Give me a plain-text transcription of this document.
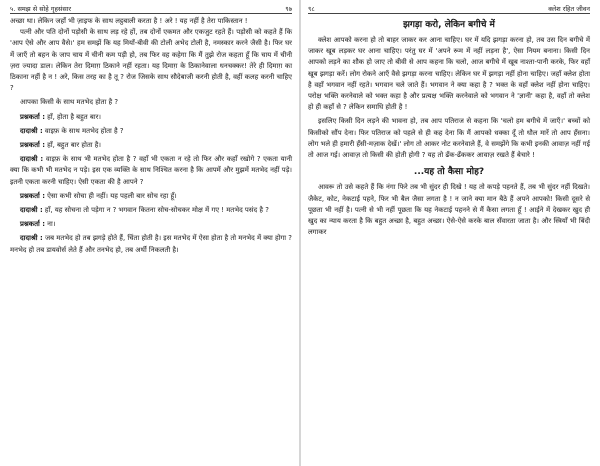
५. समझ से सोहे गृहसंसार	९७

अच्छा था। लेकिन जहाँ भी ज़ाइफ के साथ लट्ठबाली करता है ! अरे ! यह नहीं है तेरा पाकिस्तान !

पत्नी और पति दोनों पड़ोसी के साथ लड़ रहे हों, तब दोनों एकमत और एकजुट रहते हैं। पड़ोसी को कहते हैं कि 'आप ऐसे और आप वैसे।' हम समझें कि यह मियाँ-बीवी की टोली अभेद टोली है, नमस्कार करने जैसी है। फिर घर में जाएँ तो बहन के जाप चाय में चीनी कम पड़ी हो, तब फिर वह कहेगा कि मैं तुझे रोज कहता हूँ कि चाय में चीनी ज़रा ज्यादा डाल। लेकिन तेरा दिमाग़ ठिकाने नहीं रहता। यह दिमाग़ के ठिकानेवाला धनचक्कर! तेरे ही दिमाग़ का ठिकाना नहीं है न ! अरे, किस तरह का है तू ? रोज जिसके साथ सौदेबाजी करनी होती है, वहीं कलह करनी चाहिए ?

आपका किसी के साथ मतभेद होता है ?

प्रश्नकर्ता : हाँ, होता है बहुत बार।

दादाश्री : वाइफ़ के साथ मतभेद होता है ?

प्रश्नकर्ता : हाँ, बहुत बार होता है।

दादाश्री : वाइफ़ के साथ भी मतभेद होता है ? वहाँ भी एकता न रहे तो फिर और कहाँ रखोगे ? एकता यानी क्या कि कभी भी मतभेद न पड़े। इस एक व्यक्ति के साथ निश्चित करना है कि आपमें और मुझमें मतभेद नहीं पड़े। इतनी एकता करनी चाहिए। ऐसी एकता की है आपने ?

प्रश्नकर्ता : ऐसा कभी सोचा ही नहीं। यह पहली बार सोच रहा हूँ।

दादाश्री : हाँ, यह सोचना तो पड़ेगा न ? भगवान कितना सोच-सोचकर मोक्ष में गए ! मतभेद पसंद है ?

प्रश्नकर्ता : ना।

दादाश्री : जब मतभेद हो तब झगड़े होते हैं, चिंता होती है। इस मतभेद में ऐसा होता है तो मनभेद में क्या होगा ? मनभेद हो तब डायवोर्स लेते हैं और तनभेद हो, तब अर्थी निकलती है।

९८	क्लेश रहित जीवन
झगड़ा करो, लेकिन बगीचे में

क्लेश आपको करना हो तो बाहर जाकर कर आना चाहिए। घर में यदि झगड़ा करना हो, तब उस दिन बगीचे में जाकर खूब लड़कर घर आना चाहिए। परंतु घर में 'अपने रूम में नहीं लड़ना है', ऐसा नियम बनाना। किसी दिन आपको लड़ने का शौक हो जाए तो बीवी से आप कहना कि चलो, आज बगीचे में खूब नाश्ता-पानी करके, फिर वहाँ खूब झगड़ा करें। लोग रोकने आएँ वैसे झगड़ा करना चाहिए। लेकिन घर में झगड़ा नहीं होना चाहिए। जहाँ क्लेश होता है वहाँ भगवान नहीं रहते। भगवान चले जाते हैं। भगवान ने क्या कहा है ? भक्त के वहाँ क्लेश नहीं होना चाहिए। परोक्ष भक्ति करनेवाले को भक्त कहा है और प्रत्यक्ष भक्ति करनेवाले को भगवान ने 'ज्ञानी' कहा है, वहाँ तो क्लेश हो ही कहाँ से ? लेकिन समाधि होती है !

इसलिए किसी दिन लड़ने की भावना हो, तब आप पतिराज से कहना कि 'चलो हम बगीचे में जाएँ।' बच्चों को किसीको सौंप देना। फिर पतिराज को पहले से ही कह देना कि मैं आपको धक्का दूँ तो धौल मारें तो आप हँसना। लोग भले ही हमारी हँसी-मज़ाक देखें।' लोग तो आकर नोट करनेवाले हैं, वे समझेंगे कि कभी इनकी आवाज़ नहीं गई तो आज गई। आवाज़ तो किसी की होती होगी ? यह तो ढँक-ढँककर आवाज़ रखते हैं बेचारे !

...यह तो कैसा मोह?

आवरू तो उसे कहते हैं कि नंगा फिरे तब भी सुंदर ही दिखे ! यह तो कपड़े पहनते हैं, तब भी सुंदर नहीं दिखते। जैकेट, कोट, नेकटाई पहने, फिर भी बैल जैसा लगता है ! न जाने क्या मान बैठे हैं अपने आपको! किसी दूसरे से पूछता भी नहीं है। पत्नी से भी नहीं पूछता कि यह नेकटाई पहनने से मैं कैसा लगता हूँ ! आईने में देखकर खुद ही खुद का न्याय करता है कि बहुत अच्छा है, बहुत अच्छा। ऐसे-ऐसे करके बाल सँवारता जाता है। और स्त्रियाँ भी बिंदी लगाकर
